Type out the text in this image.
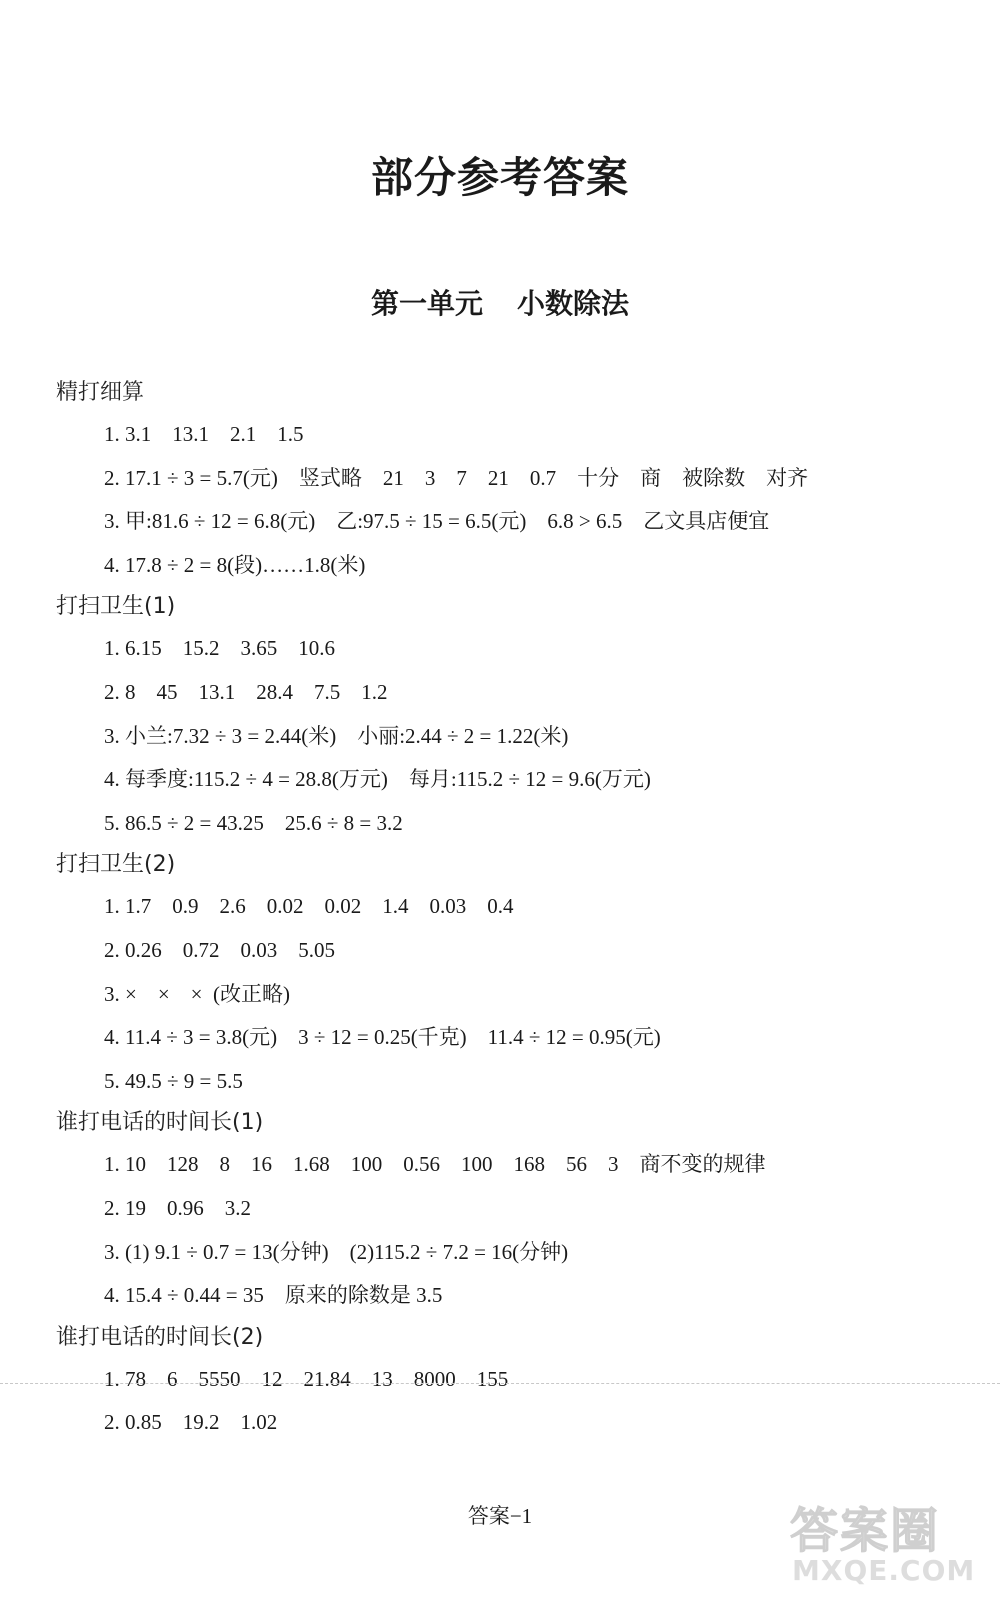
部分参考答案
第一单元 小数除法
精打细算
1. 3.1    13.1    2.1    1.5
2. 17.1 ÷ 3 = 5.7(元)    竖式略    21    3    7    21    0.7    十分    商    被除数    对齐
3. 甲:81.6 ÷ 12 = 6.8(元)    乙:97.5 ÷ 15 = 6.5(元)    6.8 > 6.5    乙文具店便宜
4. 17.8 ÷ 2 = 8(段)……1.8(米)
打扫卫生(1)
1. 6.15    15.2    3.65    10.6
2. 8    45    13.1    28.4    7.5    1.2
3. 小兰:7.32 ÷ 3 = 2.44(米)    小丽:2.44 ÷ 2 = 1.22(米)
4. 每季度:115.2 ÷ 4 = 28.8(万元)    每月:115.2 ÷ 12 = 9.6(万元)
5. 86.5 ÷ 2 = 43.25    25.6 ÷ 8 = 3.2
打扫卫生(2)
1. 1.7    0.9    2.6    0.02    0.02    1.4    0.03    0.4
2. 0.26    0.72    0.03    5.05
3. ×    ×    ×  (改正略)
4. 11.4 ÷ 3 = 3.8(元)    3 ÷ 12 = 0.25(千克)    11.4 ÷ 12 = 0.95(元)
5. 49.5 ÷ 9 = 5.5
谁打电话的时间长(1)
1. 10    128    8    16    1.68    100    0.56    100    168    56    3    商不变的规律
2. 19    0.96    3.2
3. (1) 9.1 ÷ 0.7 = 13(分钟)    (2)115.2 ÷ 7.2 = 16(分钟)
4. 15.4 ÷ 0.44 = 35    原来的除数是 3.5
谁打电话的时间长(2)
1. 78    6    5550    12    21.84    13    8000    155
2. 0.85    19.2    1.02
答案−1	答案圈
MXQE.COM
